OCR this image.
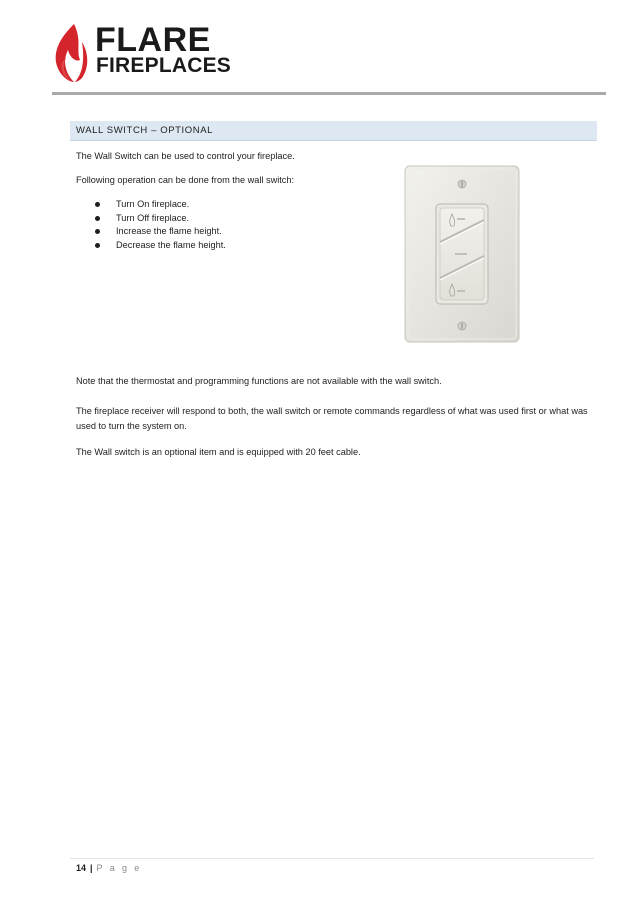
FLARE
FIREPLACES
WALL SWITCH – OPTIONAL
The Wall Switch can be used to control your fireplace.
Following operation can be done from the wall switch:
Turn On fireplace.
Turn Off fireplace.
Increase the flame height.
Decrease the flame height.
Note that the thermostat and programming functions are not available with the wall switch.
The fireplace receiver will respond to both, the wall switch or remote commands regardless of what was used first or what was used to turn the system on.
The Wall switch is an optional item and is equipped with 20 feet cable.
14 | P a g e
